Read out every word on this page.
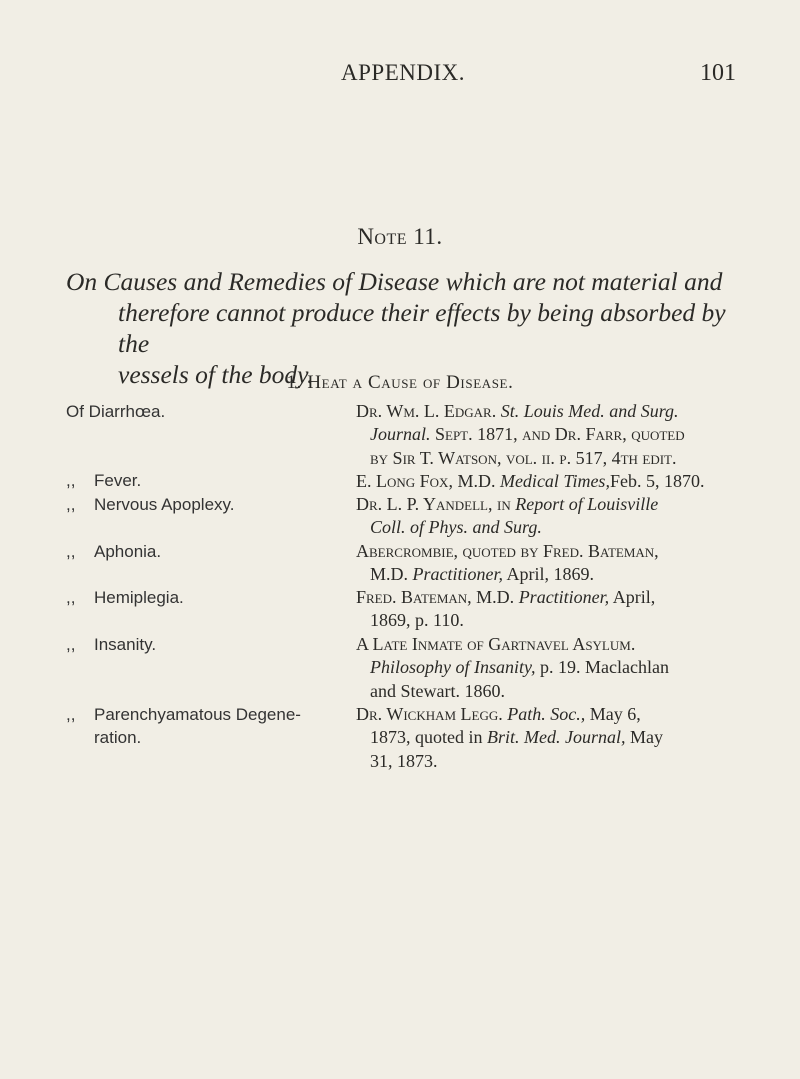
APPENDIX.	101
Note 11.
On Causes and Remedies of Disease which are not material and
therefore cannot produce their effects by being absorbed by the
vessels of the body.
1. Heat a Cause of Disease.
Of Diarrhœa.
,, Fever.
,, Nervous Apoplexy.
,, Aphonia.
,, Hemiplegia.
,, Insanity.
,, Parenchyamatous Degene-
ration.
Dr. Wm. L. Edgar. St. Louis Med. and Surg.
Journal. Sept. 1871, and Dr. Farr, quoted
by Sir T. Watson, vol. ii. p. 517, 4th edit.
E. Long Fox, M.D. Medical Times,Feb. 5, 1870.
Dr. L. P. Yandell, in Report of Louisville
Coll. of Phys. and Surg.
Abercrombie, quoted by Fred. Bateman,
M.D. Practitioner, April, 1869.
Fred. Bateman, M.D. Practitioner, April,
1869, p. 110.
A Late Inmate of Gartnavel Asylum.
Philosophy of Insanity, p. 19. Maclachlan
and Stewart. 1860.
Dr. Wickham Legg. Path. Soc., May 6,
1873, quoted in Brit. Med. Journal, May
31, 1873.
